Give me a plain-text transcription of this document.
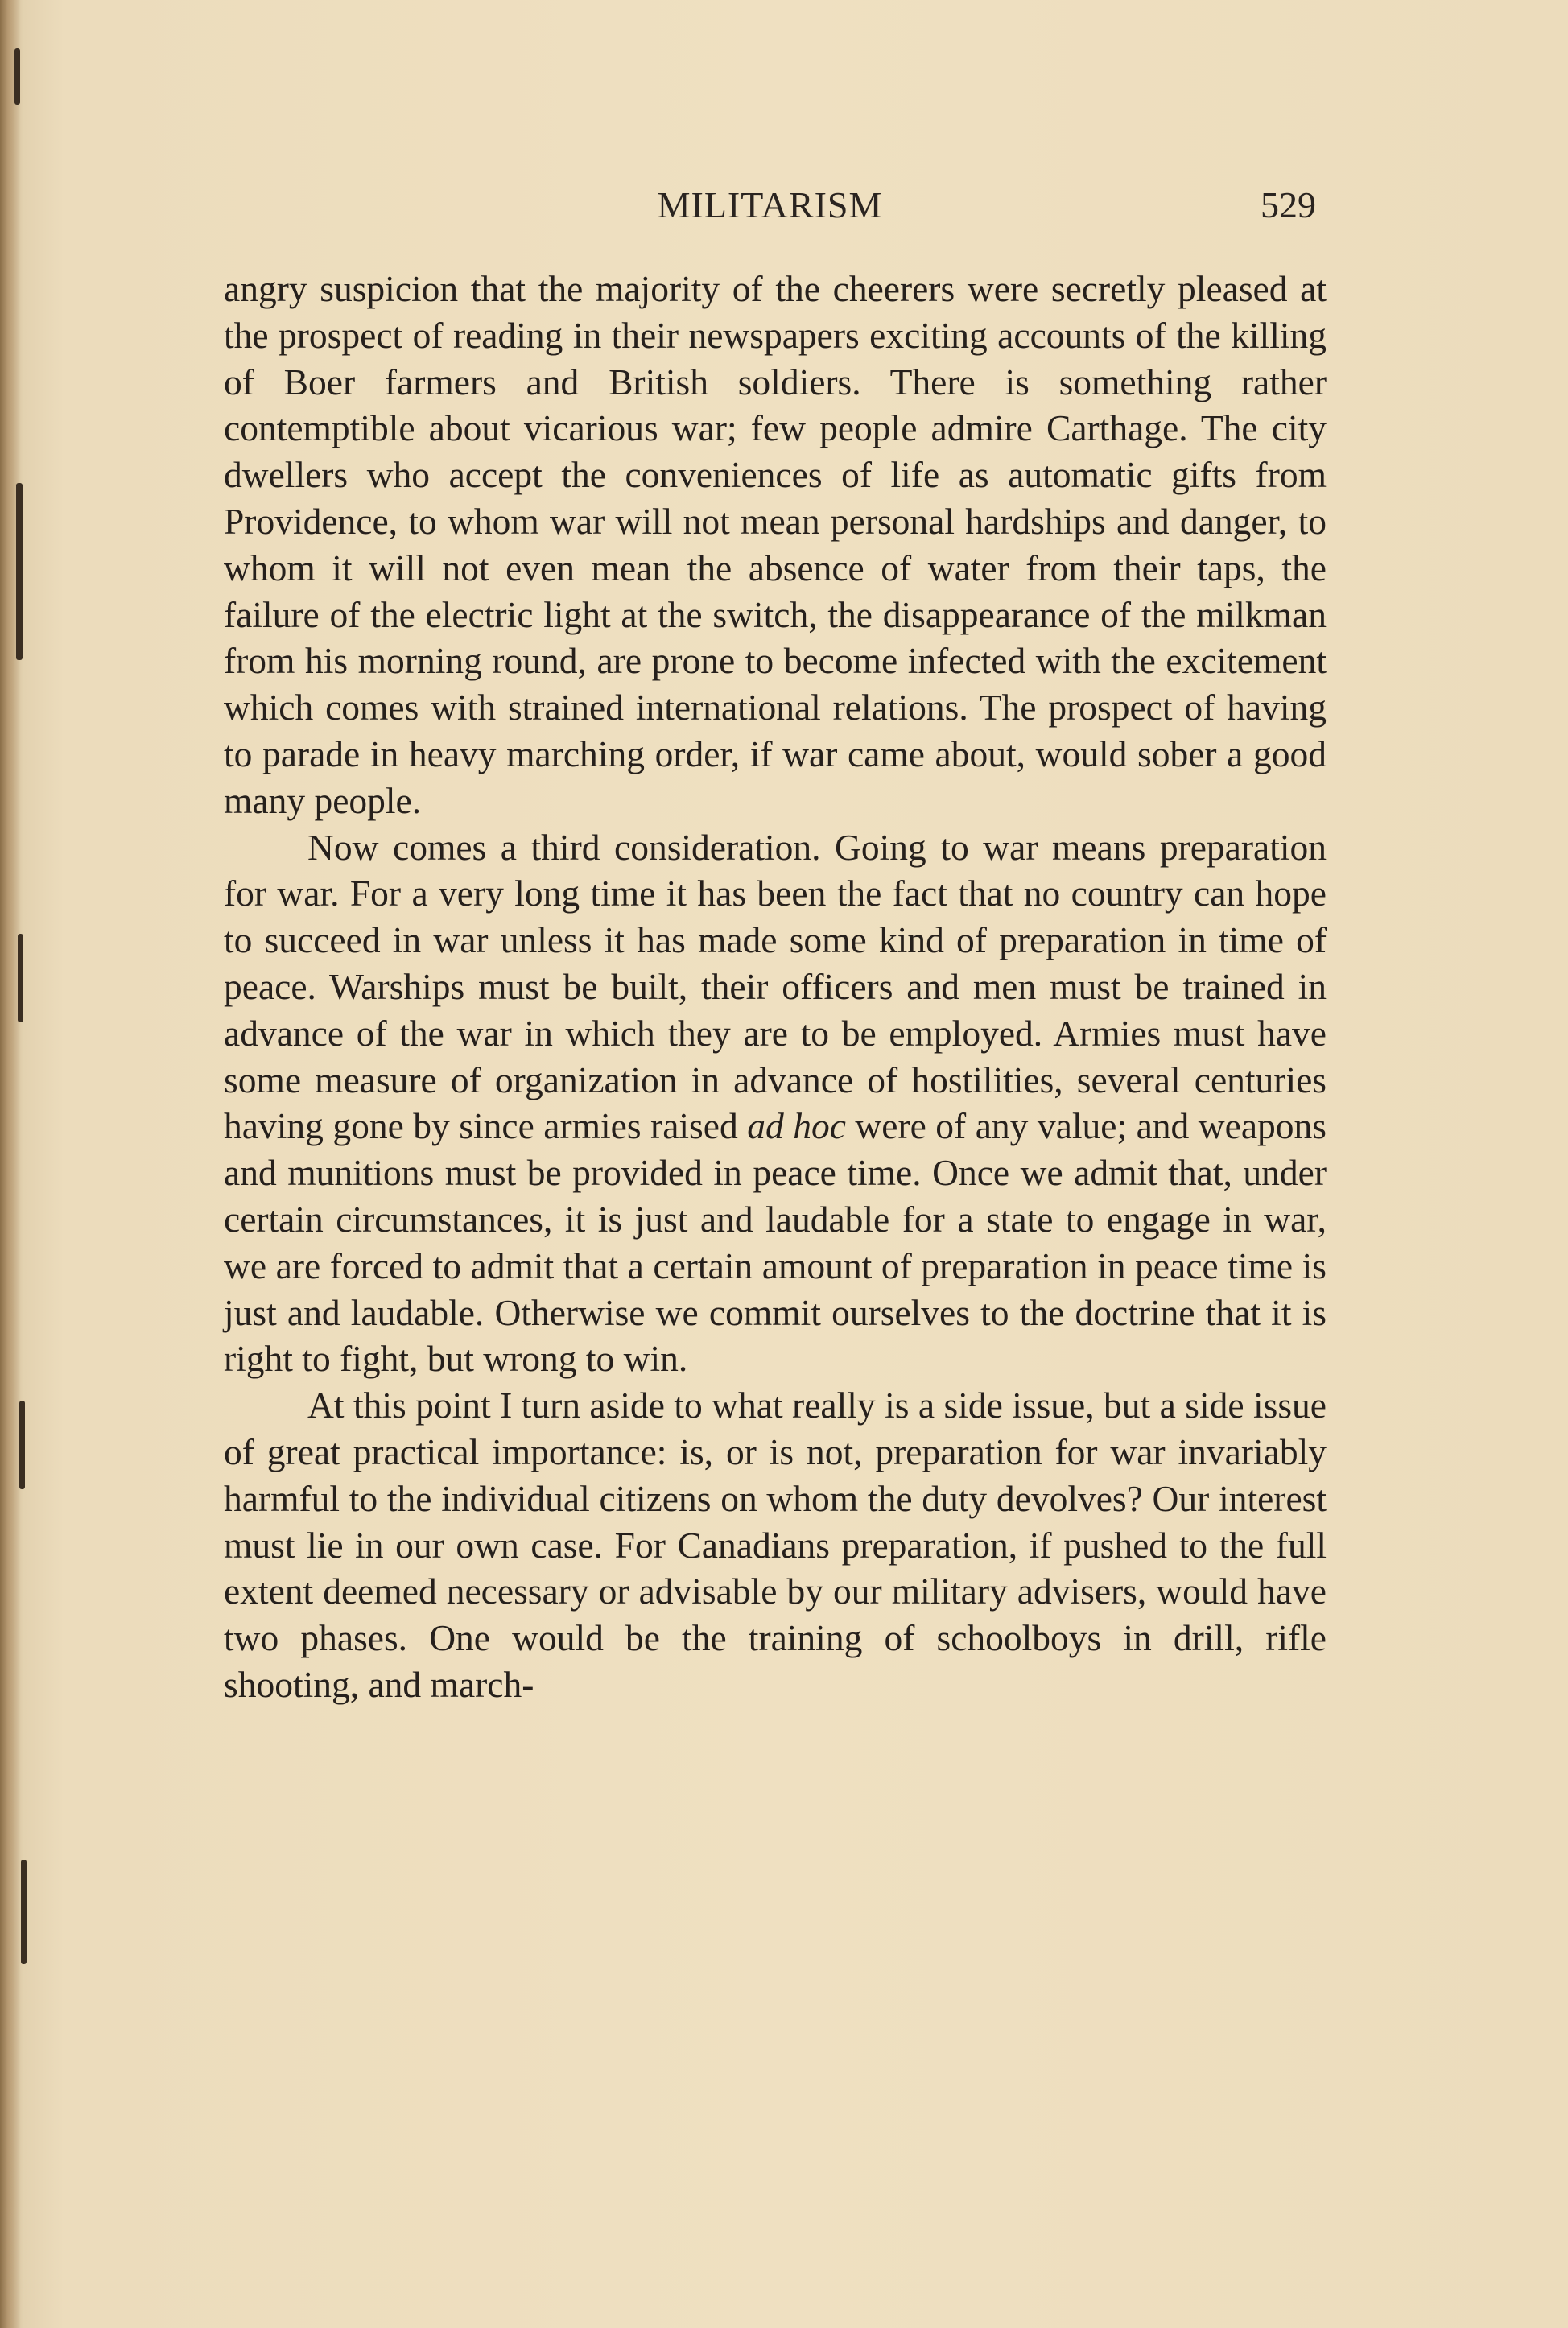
MILITARISM	529

angry suspicion that the majority of the cheerers were secretly pleased at the prospect of reading in their newspapers exciting accounts of the killing of Boer farmers and British soldiers. There is something rather contemptible about vicarious war; few people admire Carthage. The city dwellers who accept the conveniences of life as automatic gifts from Providence, to whom war will not mean personal hardships and danger, to whom it will not even mean the absence of water from their taps, the failure of the electric light at the switch, the disappearance of the milkman from his morning round, are prone to become infected with the excitement which comes with strained international relations. The prospect of having to parade in heavy marching order, if war came about, would sober a good many people.

Now comes a third consideration. Going to war means preparation for war. For a very long time it has been the fact that no country can hope to succeed in war unless it has made some kind of preparation in time of peace. Warships must be built, their officers and men must be trained in advance of the war in which they are to be employed. Armies must have some measure of organization in advance of hostilities, several centuries having gone by since armies raised ad hoc were of any value; and weapons and munitions must be provided in peace time. Once we admit that, under certain circumstances, it is just and laudable for a state to engage in war, we are forced to admit that a certain amount of preparation in peace time is just and laudable. Otherwise we commit ourselves to the doctrine that it is right to fight, but wrong to win.

At this point I turn aside to what really is a side issue, but a side issue of great practical importance: is, or is not, preparation for war invariably harmful to the individual citizens on whom the duty devolves? Our interest must lie in our own case. For Canadians preparation, if pushed to the full extent deemed necessary or advisable by our military advisers, would have two phases. One would be the training of schoolboys in drill, rifle shooting, and march-
